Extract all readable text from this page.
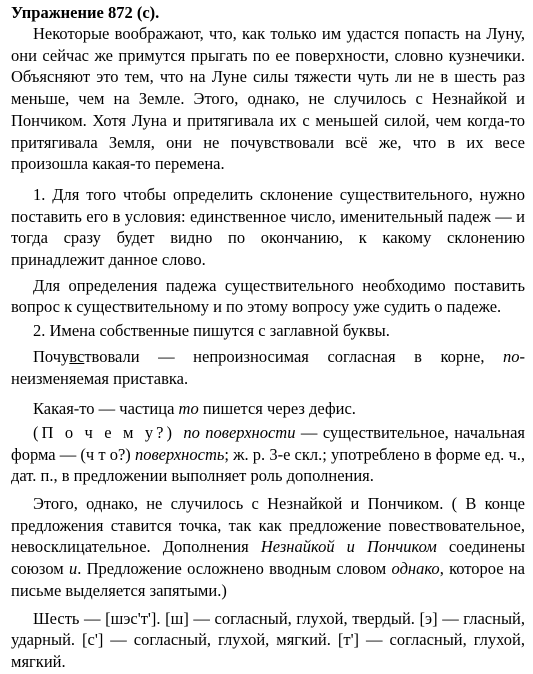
Упражнение 872 (с).

Некоторые воображают, что, как только им удастся попасть на Луну, они сейчас же примутся прыгать по ее поверхности, словно кузнечики. Объясняют это тем, что на Луне силы тяжести чуть ли не в шесть раз меньше, чем на Земле. Этого, однако, не случилось с Незнайкой и Пончиком. Хотя Луна и притягивала их с меньшей силой, чем когда-то притягивала Земля, они не почувствовали всё же, что в их весе произошла какая-то перемена.

1. Для того чтобы определить склонение существительного, нужно поставить его в условия: единственное число, именительный падеж — и тогда сразу будет видно по окончанию, к какому склонению принадлежит данное слово.

Для определения падежа существительного необходимо поставить вопрос к существительному и по этому вопросу уже судить о падеже.

2. Имена собственные пишутся с заглавной буквы.

Почувствовали — непроизносимая согласная в корне, по- неизменяемая приставка.

Какая-то — частица то пишется через дефис.

(П о ч е м у?) по поверхности — существительное, начальная форма — (ч т о?) поверхность; ж. р. 3-е скл.; употреблено в форме ед. ч., дат. п., в предложении выполняет роль дополнения.

Этого, однако, не случилось с Незнайкой и Пончиком. ( В конце предложения ставится точка, так как предложение повествовательное, невосклицательное. Дополнения Незнайкой и Пончиком соединены союзом и. Предложение осложнено вводным словом однако, которое на письме выделяется запятыми.)

Шесть — [шэс'т']. [ш] — согласный, глухой, твердый. [э] — гласный, ударный. [с'] — согласный, глухой, мягкий. [т'] — согласный, глухой, мягкий.
